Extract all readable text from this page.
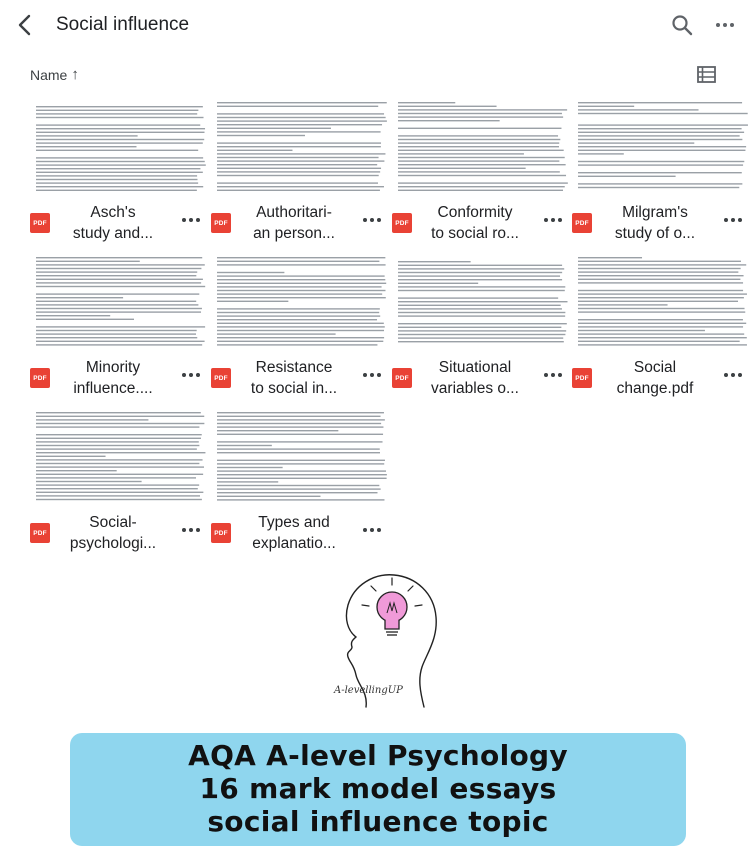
Social influence
Name ↑
PDF
Asch's
study and...
PDF
Authoritari-
an person...
PDF
Conformity
to social ro...
PDF
Milgram's
study of o...
PDF
Minority
influence....
PDF
Resistance
to social in...
PDF
Situational
variables o...
PDF
Social
change.pdf
PDF
Social-
psychologi...
PDF
Types and
explanatio...
A-levellingUP
AQA A-level Psychology
16 mark model essays
social influence topic
